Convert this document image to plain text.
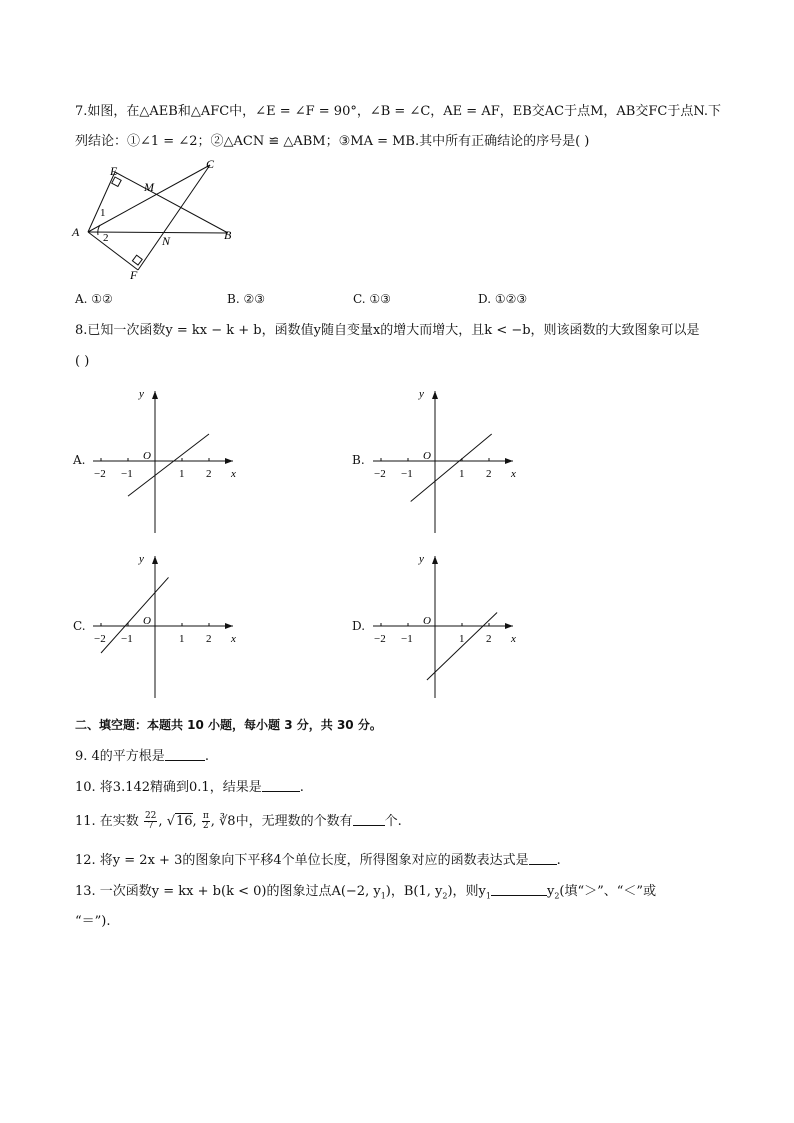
7.如图，在△AEB和△AFC中，∠E = ∠F = 90°，∠B = ∠C，AE = AF，EB交AC于点M，AB交FC于点N.下
列结论：①∠1 = ∠2；②△ACN ≌ △ABM；③MA = MB.其中所有正确结论的序号是( )
C
E
M
A	B
N
F
1
2
A. ①②	B. ②③	C. ①③	D. ①②③
8.已知一次函数y = kx − k + b，函数值y随自变量x的增大而增大，且k < −b，则该函数的大致图象可以是
( )
A.	B.
C.	D.
y
x
O
−2 −1	1 2
y
x
O
−2 −1	1 2
y
x
O
−2 −1	1 2
y
x
O
−2 −1	1 2
二、填空题：本题共 10 小题，每小题 3 分，共 30 分。
9. 4的平方根是	.
10. 将3.142精确到0.1，结果是	.
11. 在实数 $\frac{22}{7}$ , √16, $\frac{\pi}{2}$ , ∛8中，无理数的个数有 个.
12. 将y = 2x + 3的图象向下平移4个单位长度，所得图象对应的函数表达式是 .
13. 一次函数y = kx + b(k < 0)的图象过点A(−2, $y_1$)，B(1, $y_2$)，则$y_1$	$y_2$(填“＞”、“＜”或
“＝”).
